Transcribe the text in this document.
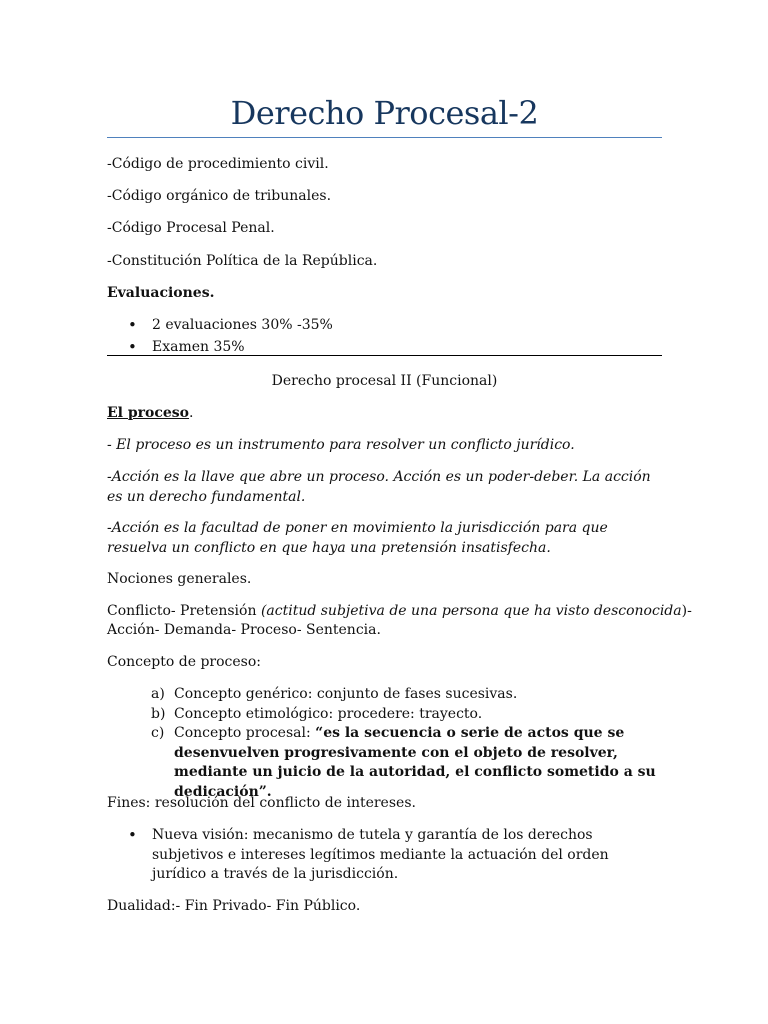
Derecho Procesal-2

-Código de procedimiento civil.

-Código orgánico de tribunales.

-Código Procesal Penal.

-Constitución Política de la República.

Evaluaciones.

• 2 evaluaciones 30% -35%

• Examen 35%

Derecho procesal II (Funcional)

El proceso.

- El proceso es un instrumento para resolver un conflicto jurídico.

-Acción es la llave que abre un proceso. Acción es un poder-deber. La acción es un derecho fundamental.

-Acción es la facultad de poner en movimiento la jurisdicción para que resuelva un conflicto en que haya una pretensión insatisfecha.

Nociones generales.

Conflicto- Pretensión (actitud subjetiva de una persona que ha visto desconocida)-

Acción- Demanda- Proceso- Sentencia.

Concepto de proceso:

a) Concepto genérico: conjunto de fases sucesivas.

b) Concepto etimológico: procedere: trayecto.

c) Concepto procesal: “es la secuencia o serie de actos que se desenvuelven progresivamente con el objeto de resolver, mediante un juicio de la autoridad, el conflicto sometido a su dedicación”.

Fines: resolución del conflicto de intereses.

• Nueva visión: mecanismo de tutela y garantía de los derechos subjetivos e intereses legítimos mediante la actuación del orden jurídico a través de la jurisdicción.

Dualidad:- Fin Privado- Fin Público.
